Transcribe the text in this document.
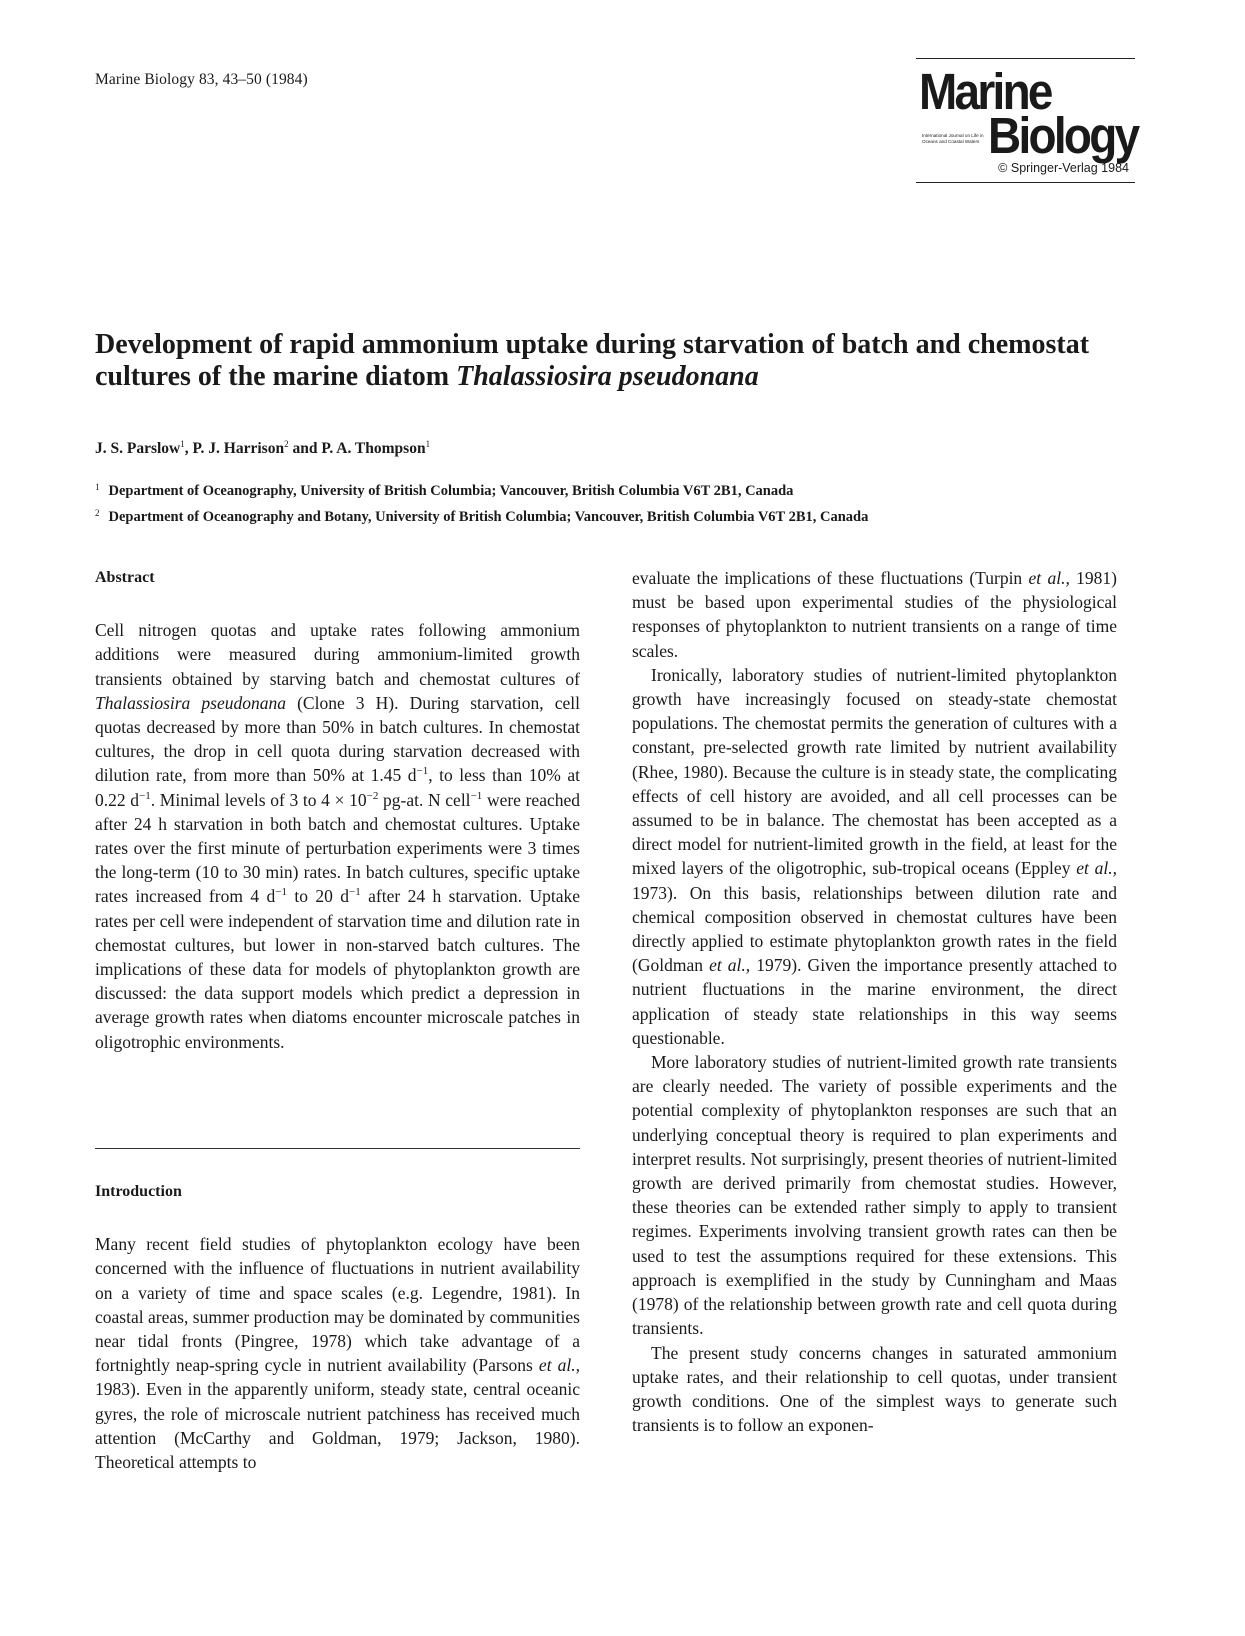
Marine Biology 83, 43–50 (1984)	Marine
International Journal on Life in Oceans and Coastal Waters Biology
© Springer-Verlag 1984
Development of rapid ammonium uptake during starvation of batch and chemostat cultures of the marine diatom Thalassiosira pseudonana
J. S. Parslow$^1$, P. J. Harrison$^2$ and P. A. Thompson$^1$
$^1$ Department of Oceanography, University of British Columbia; Vancouver, British Columbia V6T 2B1, Canada
$^2$ Department of Oceanography and Botany, University of British Columbia; Vancouver, British Columbia V6T 2B1, Canada

Abstract

Cell nitrogen quotas and uptake rates following ammonium additions were measured during ammonium-limited growth transients obtained by starving batch and chemostat cultures of Thalassiosira pseudonana (Clone 3 H). During starvation, cell quotas decreased by more than 50% in batch cultures. In chemostat cultures, the drop in cell quota during starvation decreased with dilution rate, from more than 50% at 1.45 $d^{-1}$, to less than 10% at 0.22 $d^{-1}$. Minimal levels of 3 to $4 \times 10^{-2}$ pg-at. N cell$^{-1}$ were reached after 24 h starvation in both batch and chemostat cultures. Uptake rates over the first minute of perturbation experiments were 3 times the long-term (10 to 30 min) rates. In batch cultures, specific uptake rates increased from 4 $d^{-1}$ to 20 $d^{-1}$ after 24 h starvation. Uptake rates per cell were independent of starvation time and dilution rate in chemostat cultures, but lower in non-starved batch cultures. The implications of these data for models of phytoplankton growth are discussed: the data support models which predict a depression in average growth rates when diatoms encounter microscale patches in oligotrophic environments.

Introduction

Many recent field studies of phytoplankton ecology have been concerned with the influence of fluctuations in nutrient availability on a variety of time and space scales (e.g. Legendre, 1981). In coastal areas, summer production may be dominated by communities near tidal fronts (Pingree, 1978) which take advantage of a fortnightly neap-spring cycle in nutrient availability (Parsons et al., 1983). Even in the apparently uniform, steady state, central oceanic gyres, the role of microscale nutrient patchiness has received much attention (McCarthy and Goldman, 1979; Jackson, 1980). Theoretical attempts to

evaluate the implications of these fluctuations (Turpin et al., 1981) must be based upon experimental studies of the physiological responses of phytoplankton to nutrient transients on a range of time scales.

Ironically, laboratory studies of nutrient-limited phytoplankton growth have increasingly focused on steady-state chemostat populations. The chemostat permits the generation of cultures with a constant, pre-selected growth rate limited by nutrient availability (Rhee, 1980). Because the culture is in steady state, the complicating effects of cell history are avoided, and all cell processes can be assumed to be in balance. The chemostat has been accepted as a direct model for nutrient-limited growth in the field, at least for the mixed layers of the oligotrophic, sub-tropical oceans (Eppley et al., 1973). On this basis, relationships between dilution rate and chemical composition observed in chemostat cultures have been directly applied to estimate phytoplankton growth rates in the field (Goldman et al., 1979). Given the importance presently attached to nutrient fluctuations in the marine environment, the direct application of steady state relationships in this way seems questionable.

More laboratory studies of nutrient-limited growth rate transients are clearly needed. The variety of possible experiments and the potential complexity of phytoplankton responses are such that an underlying conceptual theory is required to plan experiments and interpret results. Not surprisingly, present theories of nutrient-limited growth are derived primarily from chemostat studies. However, these theories can be extended rather simply to apply to transient regimes. Experiments involving transient growth rates can then be used to test the assumptions required for these extensions. This approach is exemplified in the study by Cunningham and Maas (1978) of the relationship between growth rate and cell quota during transients.

The present study concerns changes in saturated ammonium uptake rates, and their relationship to cell quotas, under transient growth conditions. One of the simplest ways to generate such transients is to follow an exponen-
